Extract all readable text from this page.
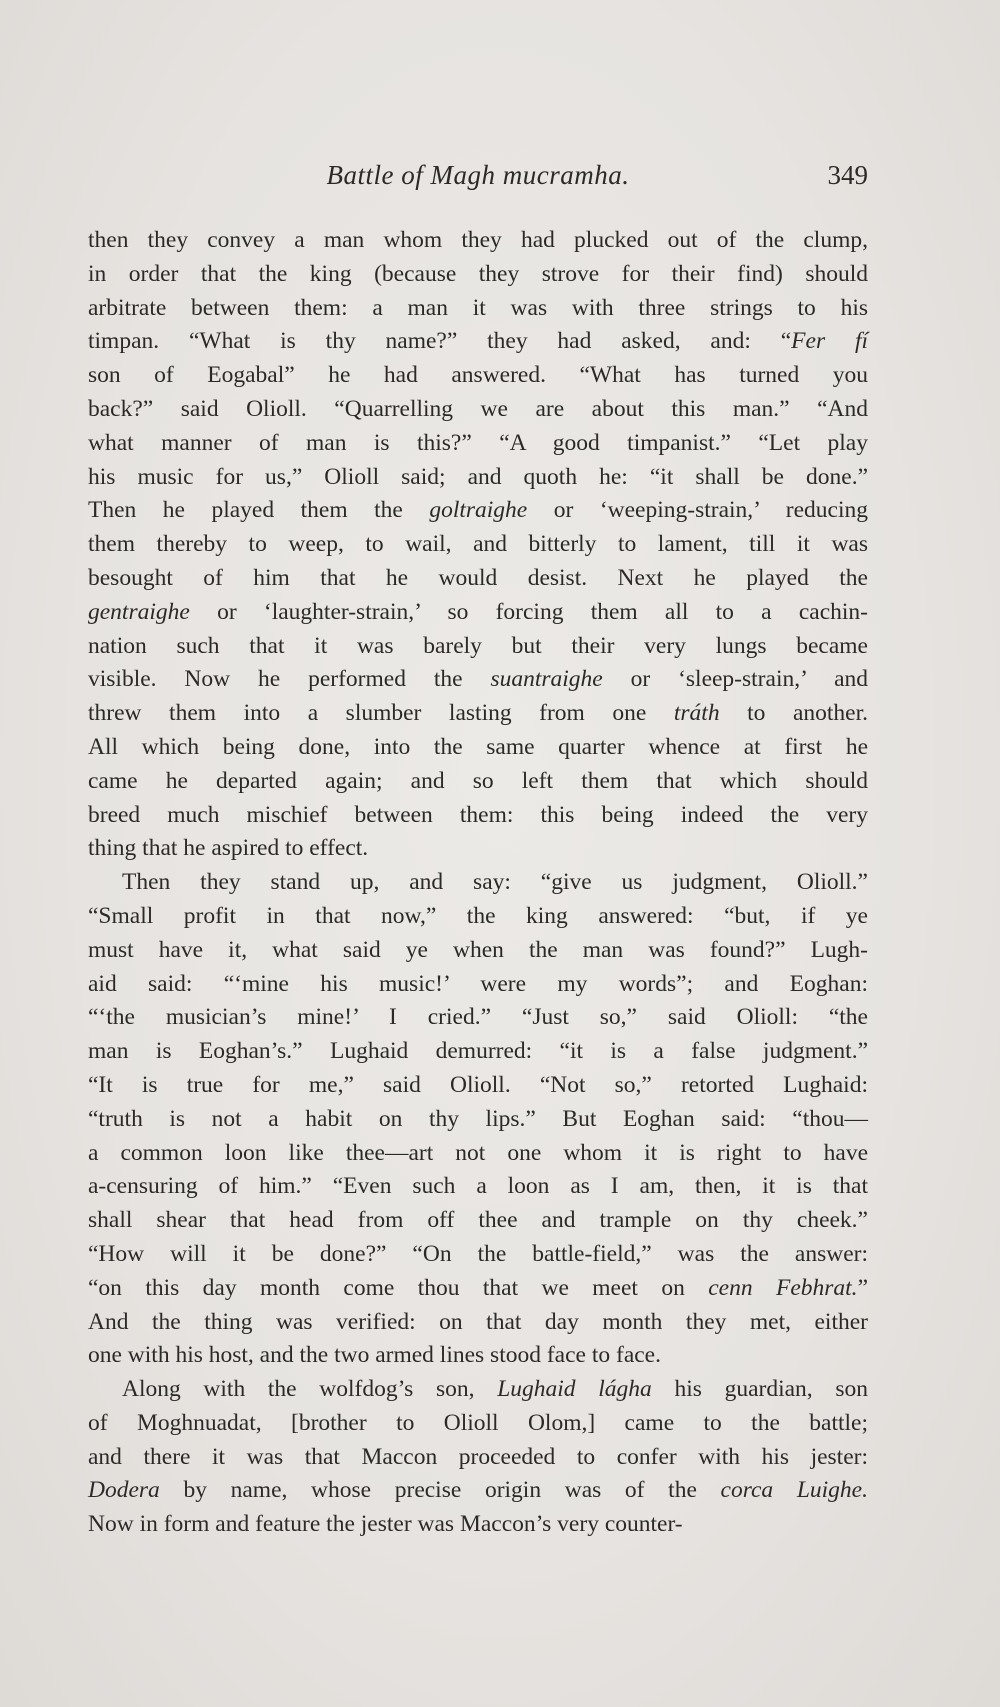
Battle of Magh mucramha.	349
then they convey a man whom they had plucked out of the clump,
in order that the king (because they strove for their find) should
arbitrate between them: a man it was with three strings to his
timpan. “What is thy name?” they had asked, and: “Fer fí
son of Eogabal” he had answered. “What has turned you
back?” said Olioll. “Quarrelling we are about this man.” “And
what manner of man is this?” “A good timpanist.” “Let play
his music for us,” Olioll said; and quoth he: “it shall be done.”
Then he played them the goltraighe or ‘weeping-strain,’ reducing
them thereby to weep, to wail, and bitterly to lament, till it was
besought of him that he would desist. Next he played the
gentraighe or ‘laughter-strain,’ so forcing them all to a cachin-
nation such that it was barely but their very lungs became
visible. Now he performed the suantraighe or ‘sleep-strain,’ and
threw them into a slumber lasting from one tráth to another.
All which being done, into the same quarter whence at first he
came he departed again; and so left them that which should
breed much mischief between them: this being indeed the very
thing that he aspired to effect.
Then they stand up, and say: “give us judgment, Olioll.”
“Small profit in that now,” the king answered: “but, if ye
must have it, what said ye when the man was found?” Lugh-
aid said: “‘mine his music!’ were my words”; and Eoghan:
“‘the musician’s mine!’ I cried.” “Just so,” said Olioll: “the
man is Eoghan’s.” Lughaid demurred: “it is a false judgment.”
“It is true for me,” said Olioll. “Not so,” retorted Lughaid:
“truth is not a habit on thy lips.” But Eoghan said: “thou—
a common loon like thee—art not one whom it is right to have
a-censuring of him.” “Even such a loon as I am, then, it is that
shall shear that head from off thee and trample on thy cheek.”
“How will it be done?” “On the battle-field,” was the answer:
“on this day month come thou that we meet on cenn Febhrat.”
And the thing was verified: on that day month they met, either
one with his host, and the two armed lines stood face to face.
Along with the wolfdog’s son, Lughaid lágha his guardian, son
of Moghnuadat, [brother to Olioll Olom,] came to the battle;
and there it was that Maccon proceeded to confer with his jester:
Dodera by name, whose precise origin was of the corca Luighe.
Now in form and feature the jester was Maccon’s very counter-
